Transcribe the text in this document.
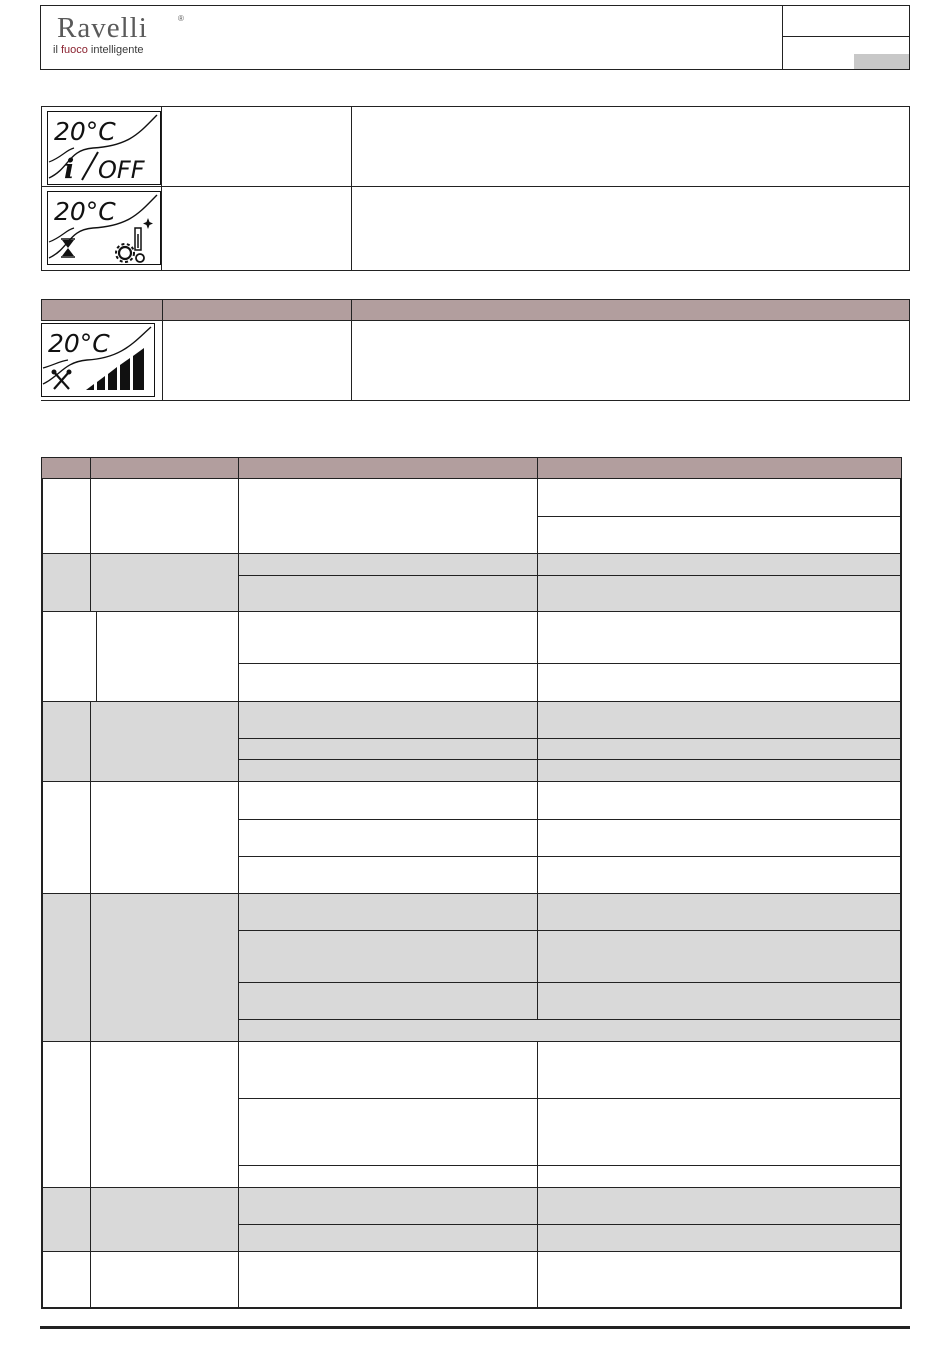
Ravelli	®
il fuoco intelligente
20°C
i OFF
20°C
20°C
